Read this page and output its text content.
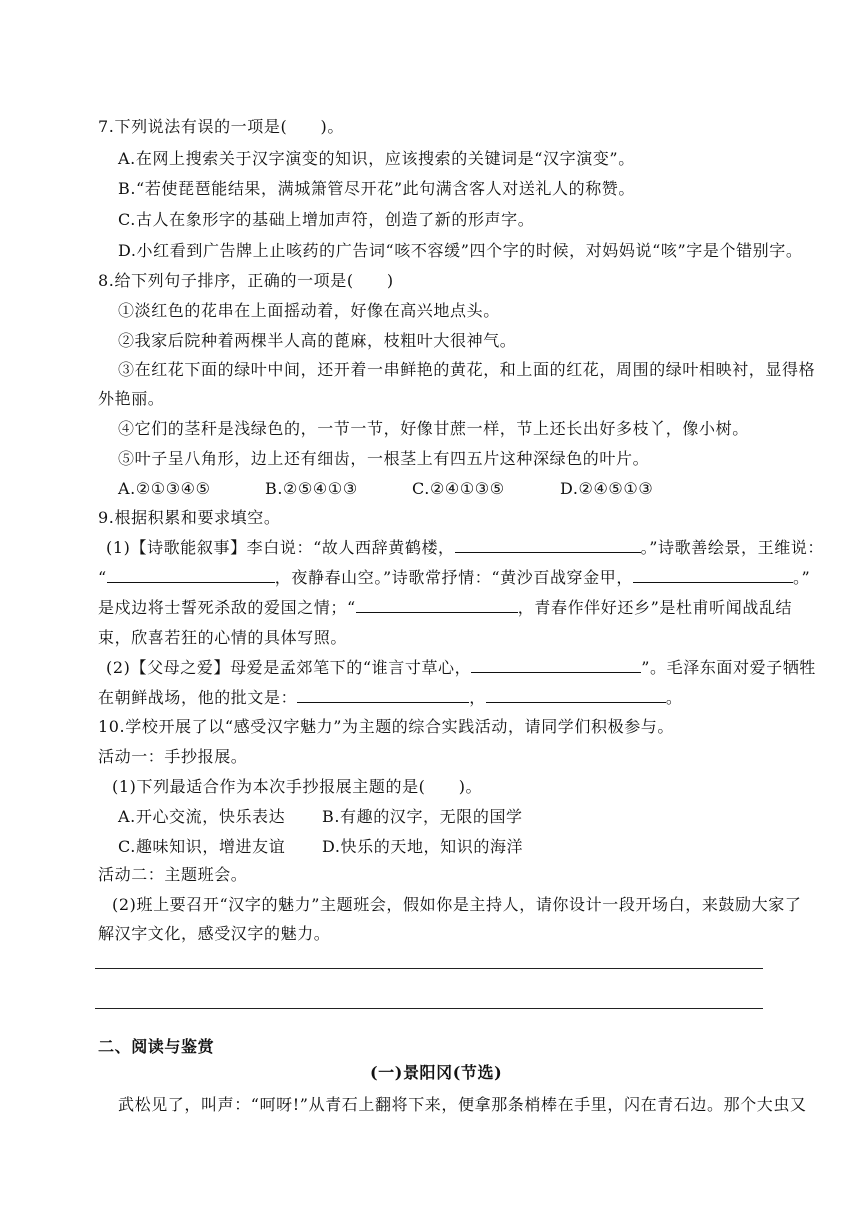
7.下列说法有误的一项是(　　)。
A.在网上搜索关于汉字演变的知识，应该搜索的关键词是“汉字演变”。
B.“若使琵琶能结果，满城箫管尽开花”此句满含客人对送礼人的称赞。
C.古人在象形字的基础上增加声符，创造了新的形声字。
D.小红看到广告牌上止咳药的广告词“咳不容缓”四个字的时候，对妈妈说“咳”字是个错别字。
8.给下列句子排序，正确的一项是(　　)
①淡红色的花串在上面摇动着，好像在高兴地点头。
②我家后院种着两棵半人高的蓖麻，枝粗叶大很神气。
③在红花下面的绿叶中间，还开着一串鲜艳的黄花，和上面的红花，周围的绿叶相映衬，显得格
外艳丽。
④它们的茎秆是浅绿色的，一节一节，好像甘蔗一样，节上还长出好多枝丫，像小树。
⑤叶子呈八角形，边上还有细齿，一根茎上有四五片这种深绿色的叶片。
A.②①③④⑤	B.②⑤④①③	C.②④①③⑤	D.②④⑤①③
9.根据积累和要求填空。
(1)【诗歌能叙事】李白说：“故人西辞黄鹤楼，	。”诗歌善绘景，王维说：
“	，夜静春山空。”诗歌常抒情：“黄沙百战穿金甲，	。”
是戍边将士誓死杀敌的爱国之情；“	，青春作伴好还乡”是杜甫听闻战乱结
束，欣喜若狂的心情的具体写照。
(2)【父母之爱】母爱是孟郊笔下的“谁言寸草心，	”。毛泽东面对爱子牺牲
在朝鲜战场，他的批文是：	，	。
10.学校开展了以“感受汉字魅力”为主题的综合实践活动，请同学们积极参与。
活动一：手抄报展。
(1)下列最适合作为本次手抄报展主题的是(　　)。
A.开心交流，快乐表达 B.有趣的汉字，无限的国学
C.趣味知识，增进友谊 D.快乐的天地，知识的海洋
活动二：主题班会。
(2)班上要召开“汉字的魅力”主题班会，假如你是主持人，请你设计一段开场白，来鼓励大家了
解汉字文化，感受汉字的魅力。
二、阅读与鉴赏
(一)景阳冈(节选)
武松见了，叫声：“呵呀!”从青石上翻将下来，便拿那条梢棒在手里，闪在青石边。那个大虫又
